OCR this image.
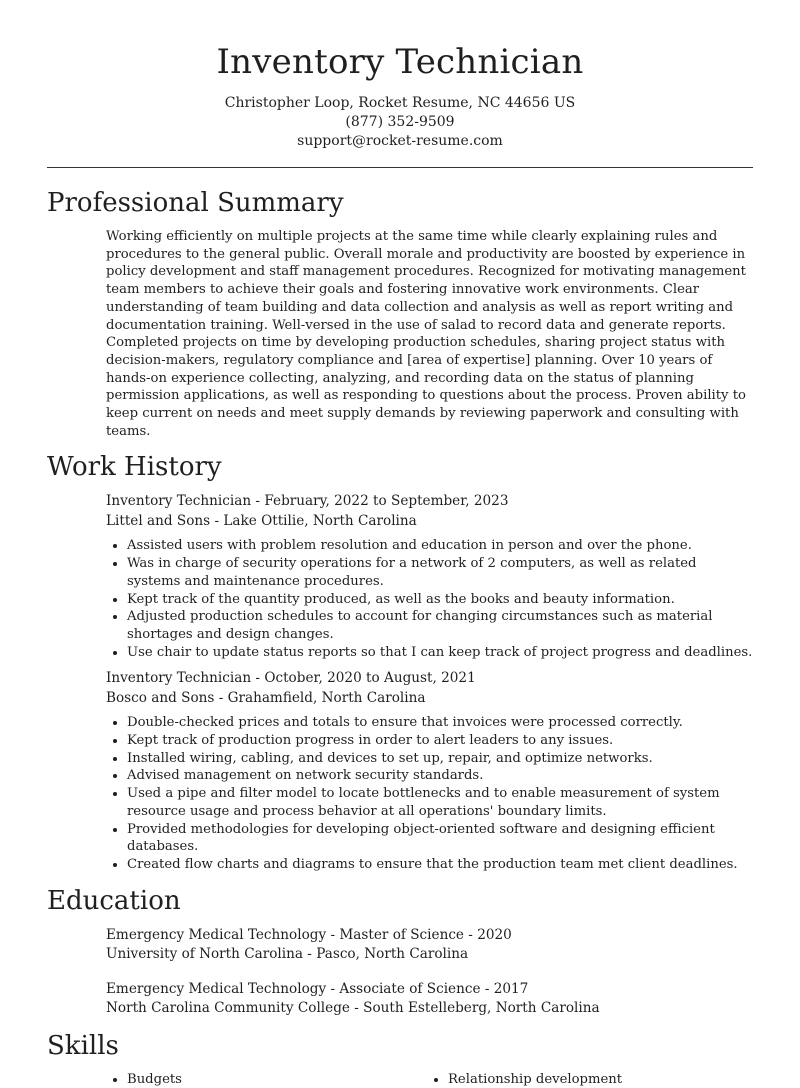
Inventory Technician
Christopher Loop, Rocket Resume, NC 44656 US
(877) 352-9509
support@rocket-resume.com
Professional Summary
Working efficiently on multiple projects at the same time while clearly explaining rules and procedures to the general public. Overall morale and productivity are boosted by experience in policy development and staff management procedures. Recognized for motivating management team members to achieve their goals and fostering innovative work environments. Clear understanding of team building and data collection and analysis as well as report writing and documentation training. Well-versed in the use of salad to record data and generate reports. Completed projects on time by developing production schedules, sharing project status with decision-makers, regulatory compliance and [area of expertise] planning. Over 10 years of hands-on experience collecting, analyzing, and recording data on the status of planning permission applications, as well as responding to questions about the process. Proven ability to keep current on needs and meet supply demands by reviewing paperwork and consulting with teams.
Work History
Inventory Technician - February, 2022 to September, 2023
Littel and Sons - Lake Ottilie, North Carolina
• Assisted users with problem resolution and education in person and over the phone.
• Was in charge of security operations for a network of 2 computers, as well as related systems and maintenance procedures.
• Kept track of the quantity produced, as well as the books and beauty information.
• Adjusted production schedules to account for changing circumstances such as material shortages and design changes.
• Use chair to update status reports so that I can keep track of project progress and deadlines.
Inventory Technician - October, 2020 to August, 2021
Bosco and Sons - Grahamfield, North Carolina
• Double-checked prices and totals to ensure that invoices were processed correctly.
• Kept track of production progress in order to alert leaders to any issues.
• Installed wiring, cabling, and devices to set up, repair, and optimize networks.
• Advised management on network security standards.
• Used a pipe and filter model to locate bottlenecks and to enable measurement of system resource usage and process behavior at all operations' boundary limits.
• Provided methodologies for developing object-oriented software and designing efficient databases.
• Created flow charts and diagrams to ensure that the production team met client deadlines.
Education
Emergency Medical Technology - Master of Science - 2020
University of North Carolina - Pasco, North Carolina
Emergency Medical Technology - Associate of Science - 2017
North Carolina Community College - South Estelleberg, North Carolina
Skills
• Budgets
•	Relationship development
